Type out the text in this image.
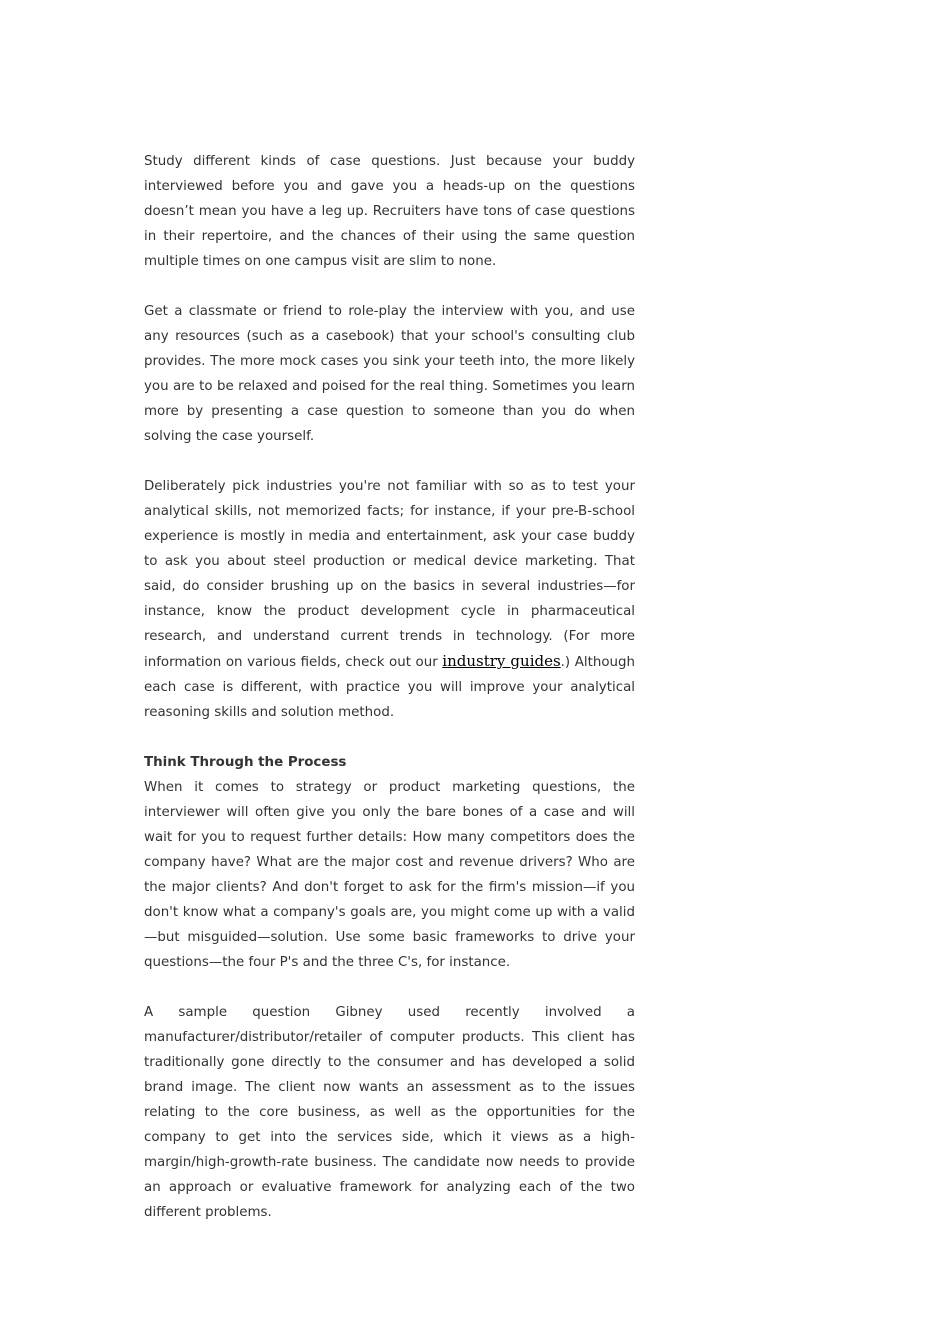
Study different kinds of case questions. Just because your buddy interviewed before you and gave you a heads-up on the questions doesn’t mean you have a leg up. Recruiters have tons of case questions in their repertoire, and the chances of their using the same question multiple times on one campus visit are slim to none.

Get a classmate or friend to role-play the interview with you, and use any resources (such as a casebook) that your school's consulting club provides. The more mock cases you sink your teeth into, the more likely you are to be relaxed and poised for the real thing. Sometimes you learn more by presenting a case question to someone than you do when solving the case yourself.

Deliberately pick industries you're not familiar with so as to test your analytical skills, not memorized facts; for instance, if your pre-B-school experience is mostly in media and entertainment, ask your case buddy to ask you about steel production or medical device marketing. That said, do consider brushing up on the basics in several industries—for instance, know the product development cycle in pharmaceutical research, and understand current trends in technology. (For more information on various fields, check out our industry guides.) Although each case is different, with practice you will improve your analytical reasoning skills and solution method.

Think Through the Process

When it comes to strategy or product marketing questions, the interviewer will often give you only the bare bones of a case and will wait for you to request further details: How many competitors does the company have? What are the major cost and revenue drivers? Who are the major clients? And don't forget to ask for the firm's mission—if you don't know what a company's goals are, you might come up with a valid—but misguided—solution. Use some basic frameworks to drive your questions—the four P's and the three C's, for instance.

A sample question Gibney used recently involved a manufacturer/distributor/retailer of computer products. This client has traditionally gone directly to the consumer and has developed a solid brand image. The client now wants an assessment as to the issues relating to the core business, as well as the opportunities for the company to get into the services side, which it views as a high-margin/high-growth-rate business. The candidate now needs to provide an approach or evaluative framework for analyzing each of the two different problems.
